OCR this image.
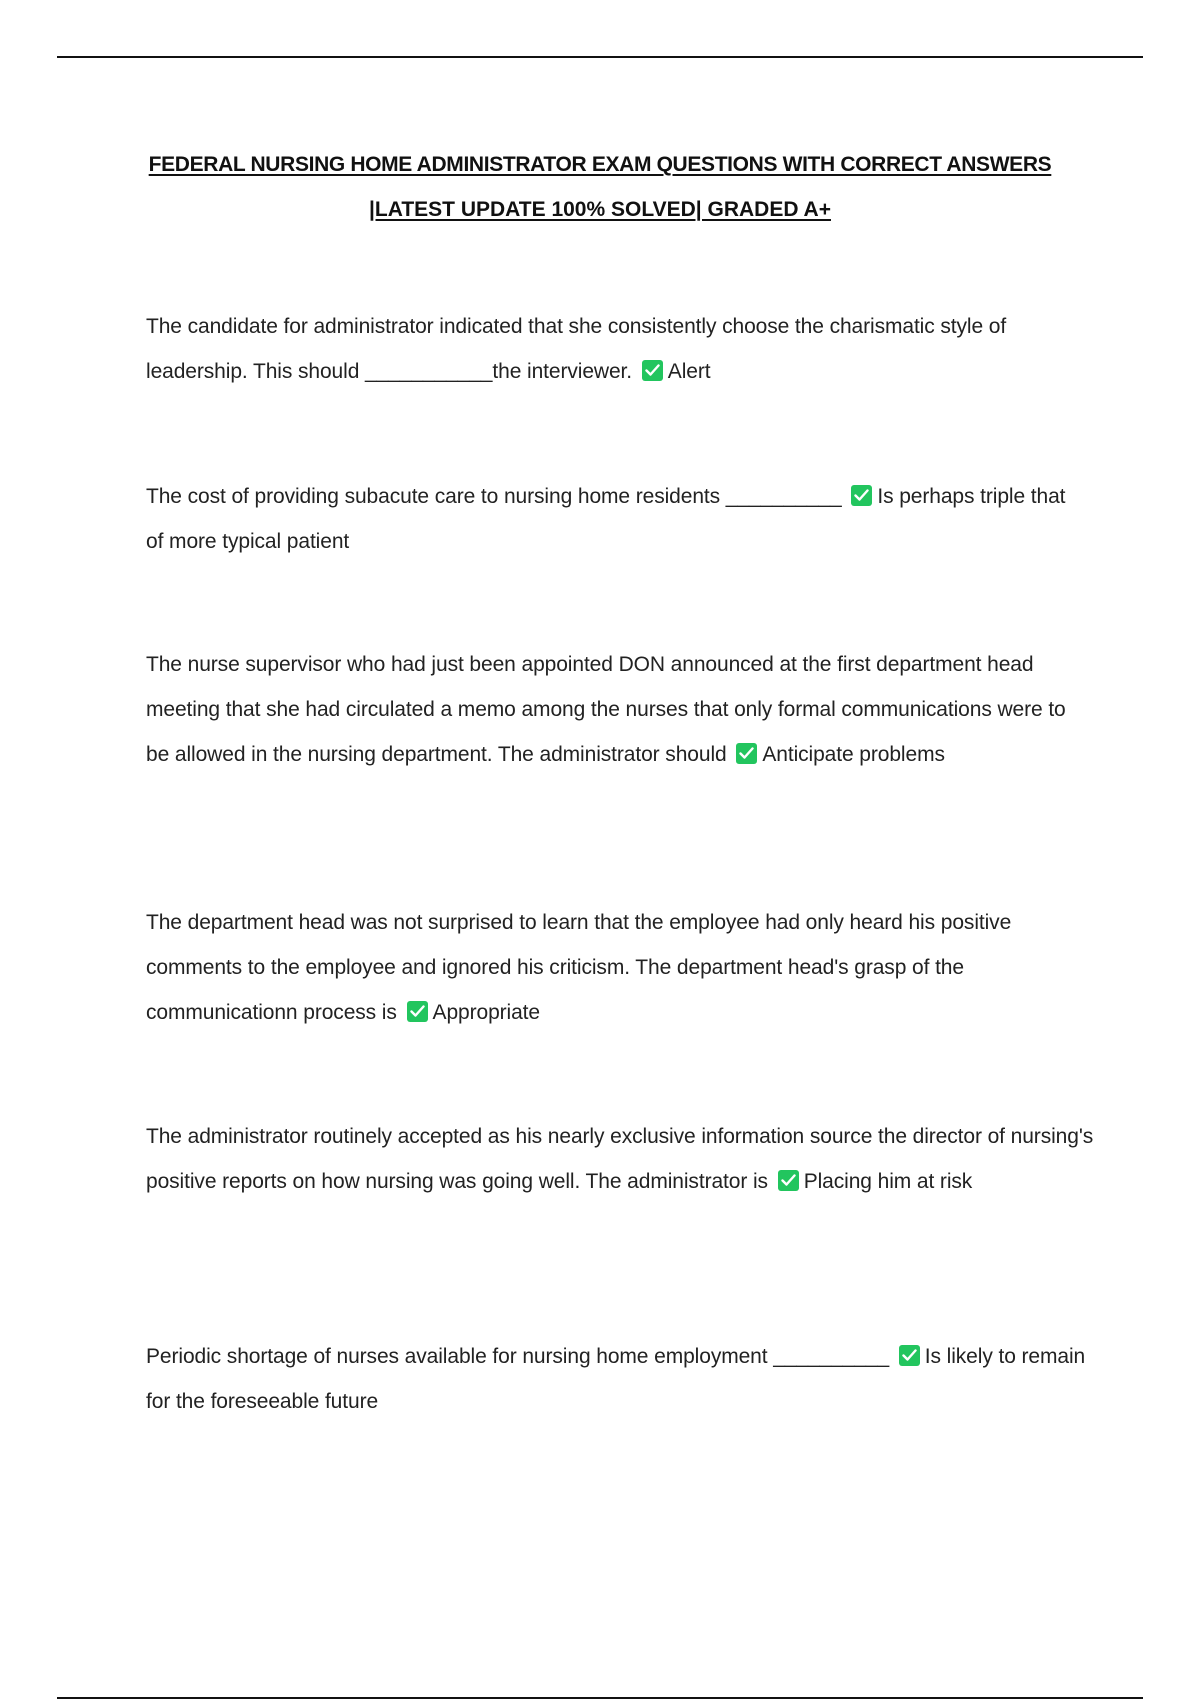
FEDERAL NURSING HOME ADMINISTRATOR EXAM QUESTIONS WITH CORRECT ANSWERS
|LATEST UPDATE 100% SOLVED| GRADED A+
The candidate for administrator indicated that she consistently choose the charismatic style of leadership. This should ___________the interviewer. Alert
The cost of providing subacute care to nursing home residents __________ Is perhaps triple that of more typical patient
The nurse supervisor who had just been appointed DON announced at the first department head meeting that she had circulated a memo among the nurses that only formal communications were to be allowed in the nursing department. The administrator should Anticipate problems
The department head was not surprised to learn that the employee had only heard his positive comments to the employee and ignored his criticism. The department head's grasp of the communicationn process is Appropriate
The administrator routinely accepted as his nearly exclusive information source the director of nursing's positive reports on how nursing was going well. The administrator is Placing him at risk
Periodic shortage of nurses available for nursing home employment __________ Is likely to remain for the foreseeable future
